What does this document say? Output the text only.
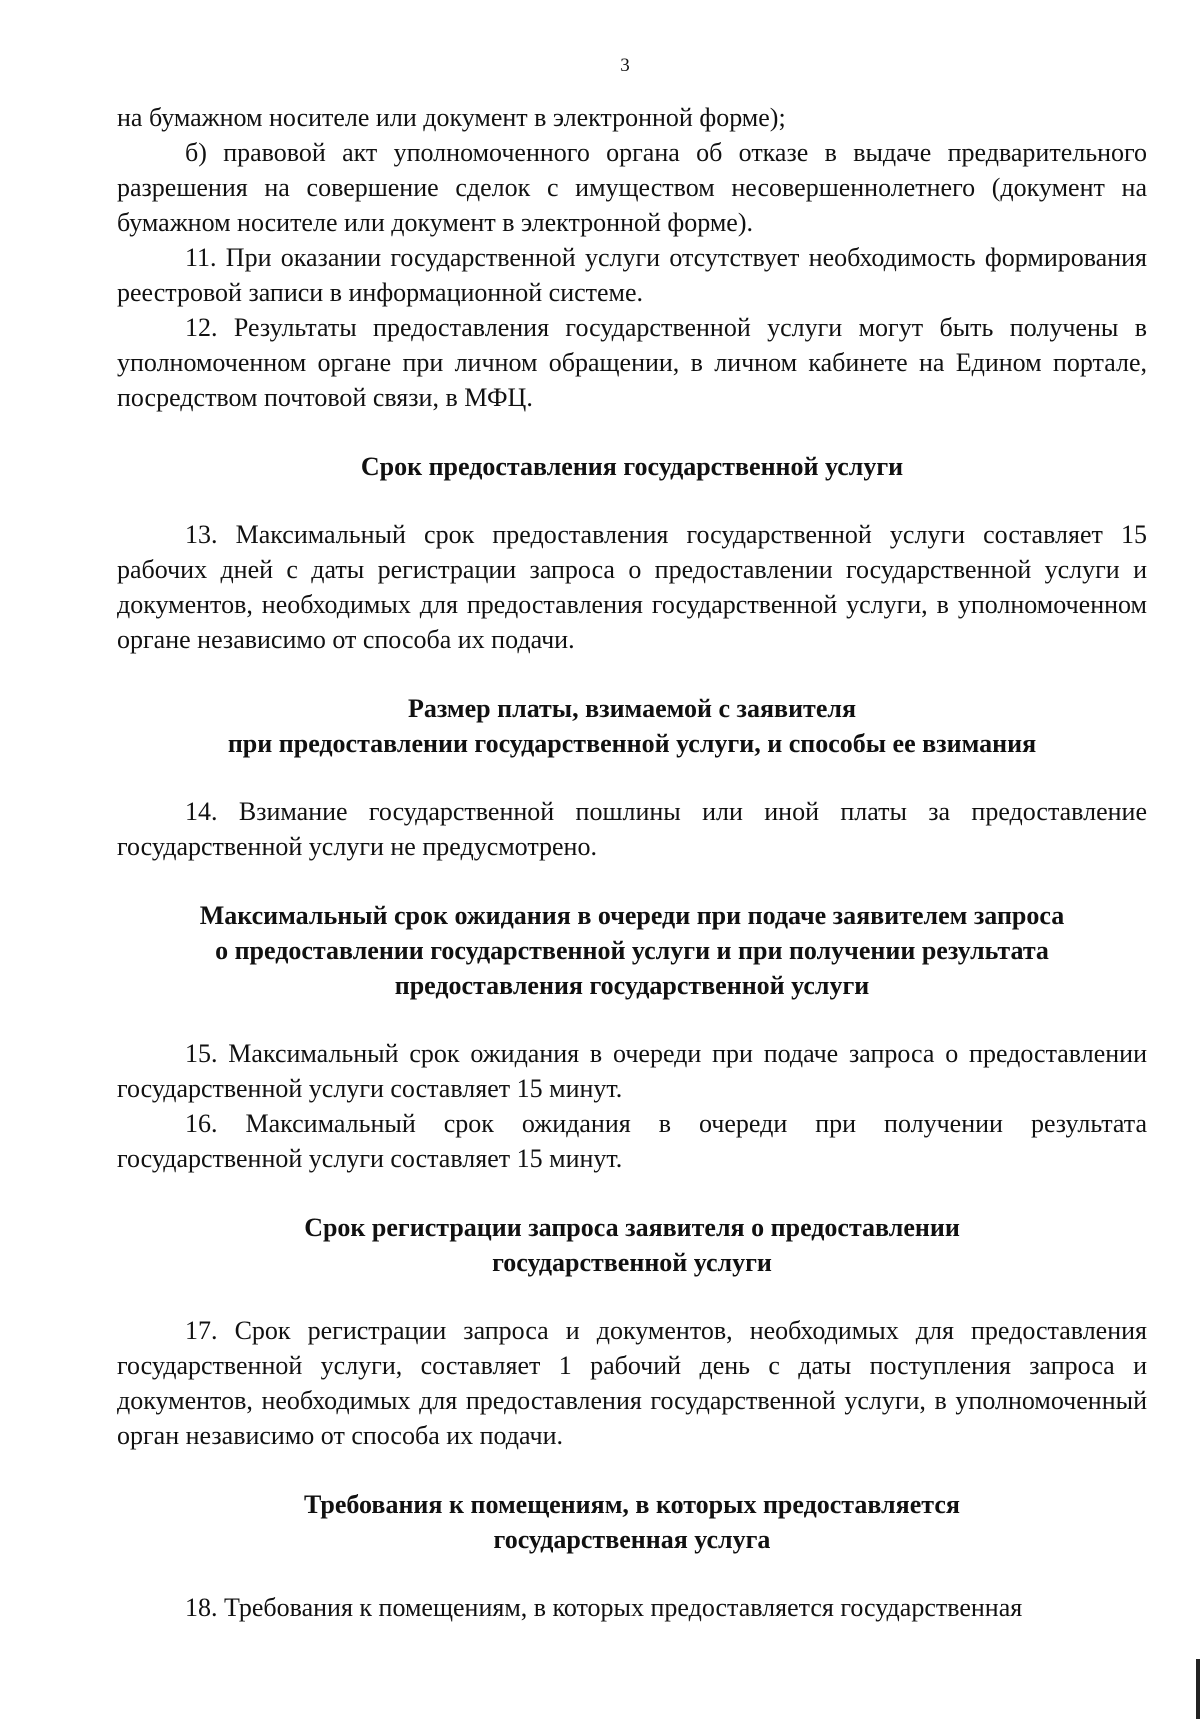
3

на бумажном носителе или документ в электронной форме);

б) правовой акт уполномоченного органа об отказе в выдаче предварительного разрешения на совершение сделок с имуществом несовершеннолетнего (документ на бумажном носителе или документ в электронной форме).

11. При оказании государственной услуги отсутствует необходимость формирования реестровой записи в информационной системе.

12. Результаты предоставления государственной услуги могут быть получены в уполномоченном органе при личном обращении, в личном кабинете на Едином портале, посредством почтовой связи, в МФЦ.

Срок предоставления государственной услуги

13. Максимальный срок предоставления государственной услуги составляет 15 рабочих дней с даты регистрации запроса о предоставлении государственной услуги и документов, необходимых для предоставления государственной услуги, в уполномоченном органе независимо от способа их подачи.

Размер платы, взимаемой с заявителя
при предоставлении государственной услуги, и способы ее взимания

14. Взимание государственной пошлины или иной платы за предоставление государственной услуги не предусмотрено.

Максимальный срок ожидания в очереди при подаче заявителем запроса
о предоставлении государственной услуги и при получении результата
предоставления государственной услуги

15. Максимальный срок ожидания в очереди при подаче запроса о предоставлении государственной услуги составляет 15 минут.

16. Максимальный срок ожидания в очереди при получении результата государственной услуги составляет 15 минут.

Срок регистрации запроса заявителя о предоставлении
государственной услуги

17. Срок регистрации запроса и документов, необходимых для предоставления государственной услуги, составляет 1 рабочий день с даты поступления запроса и документов, необходимых для предоставления государственной услуги, в уполномоченный орган независимо от способа их подачи.

Требования к помещениям, в которых предоставляется
государственная услуга

18. Требования к помещениям, в которых предоставляется государственная
